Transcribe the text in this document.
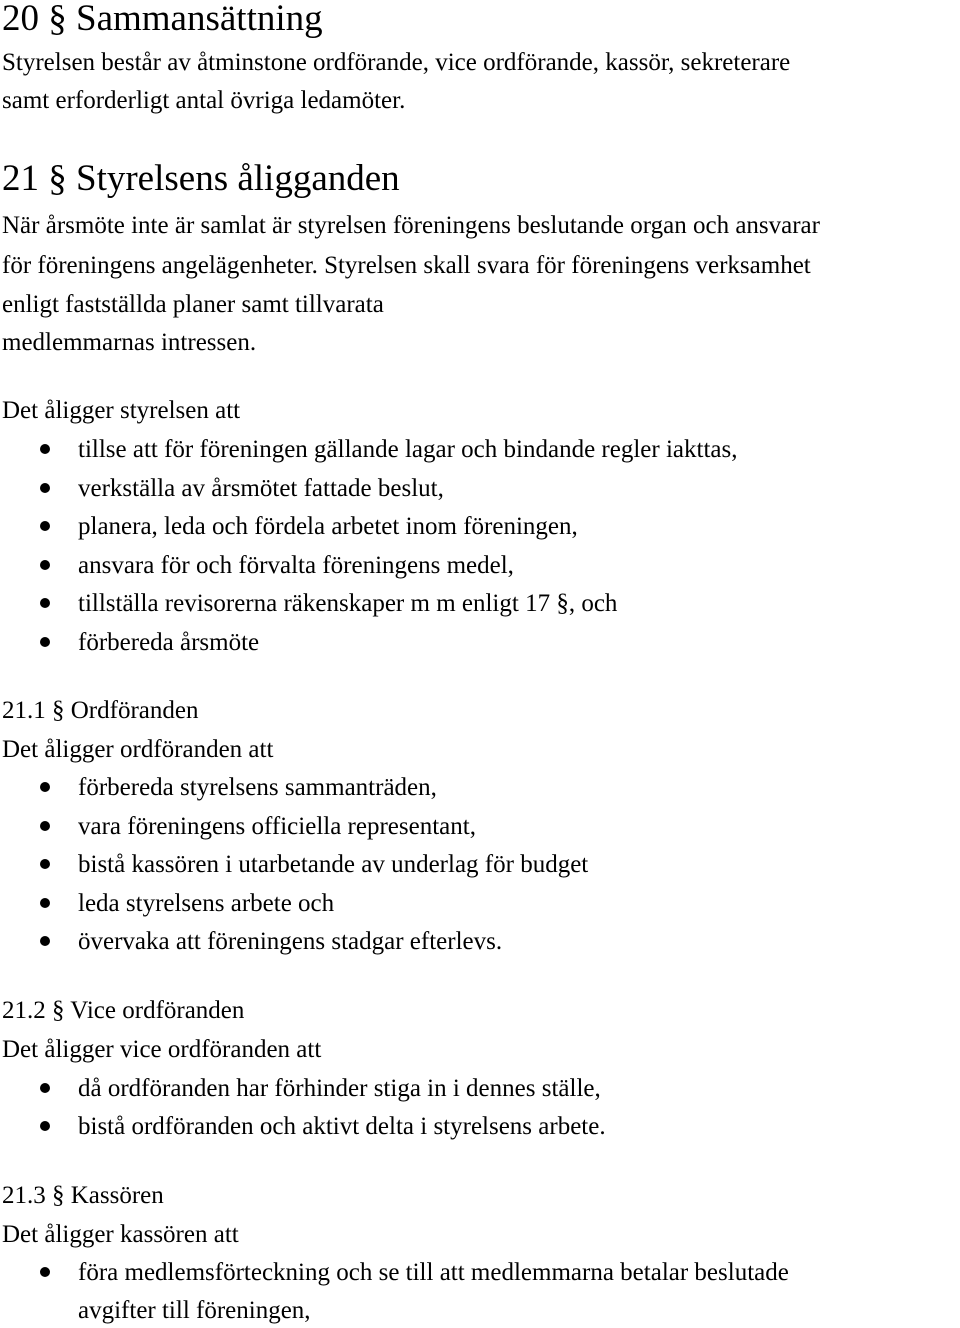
20 § Sammansättning
Styrelsen består av åtminstone ordförande, vice ordförande, kassör, sekreterare
samt erforderligt antal övriga ledamöter.
21 § Styrelsens åligganden
När årsmöte inte är samlat är styrelsen föreningens beslutande organ och ansvarar
för föreningens angelägenheter. Styrelsen skall svara för föreningens verksamhet
enligt fastställda planer samt tillvarata
medlemmarnas intressen.
Det åligger styrelsen att
tillse att för föreningen gällande lagar och bindande regler iakttas,
verkställa av årsmötet fattade beslut,
planera, leda och fördela arbetet inom föreningen,
ansvara för och förvalta föreningens medel,
tillställa revisorerna räkenskaper m m enligt 17 §, och
förbereda årsmöte
21.1 § Ordföranden
Det åligger ordföranden att
förbereda styrelsens sammanträden,
vara föreningens officiella representant,
bistå kassören i utarbetande av underlag för budget
leda styrelsens arbete och
övervaka att föreningens stadgar efterlevs.
21.2 § Vice ordföranden
Det åligger vice ordföranden att
då ordföranden har förhinder stiga in i dennes ställe,
bistå ordföranden och aktivt delta i styrelsens arbete.
21.3 § Kassören
Det åligger kassören att
föra medlemsförteckning och se till att medlemmarna betalar beslutade
avgifter till föreningen,
